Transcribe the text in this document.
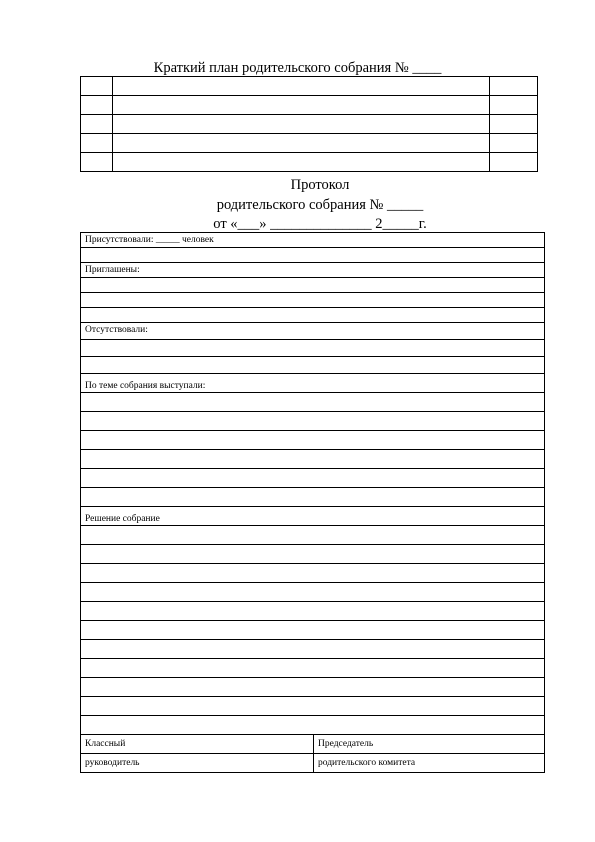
Краткий план родительского собрания № ____

Протокол
родительского собрания № _____
от «___» ______________ 2_____г.
Присутствовали: _____ человек

Приглашены:

Отсутствовали:

По теме собрания выступали:

Решение собрание

Классный	Председатель
руководитель	родительского комитета
